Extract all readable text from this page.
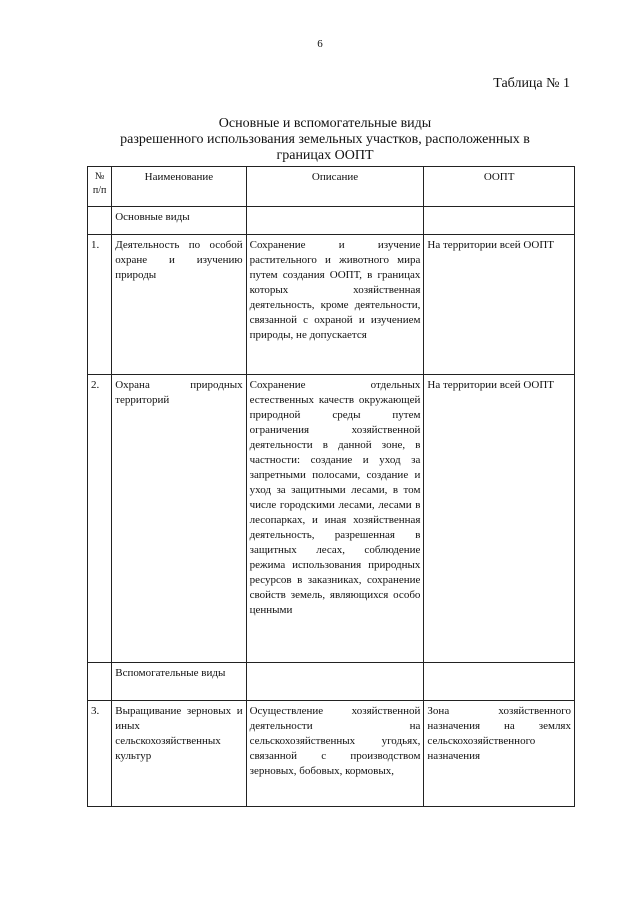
6
Таблица № 1
Основные и вспомогательные виды
разрешенного использования земельных участков, расположенных в
границах ООПТ
№ п/п	Наименование	Описание	ООПТ
	Основные виды		
1.	Деятельность по особой охране и изучению природы	Сохранение и изучение растительного и животного мира путем создания ООПТ, в границах которых хозяйственная деятельность, кроме деятельности, связанной с охраной и изучением природы, не допускается	На территории всей ООПТ
2.	Охрана природных территорий	Сохранение отдельных естественных качеств окружающей природной среды путем ограничения хозяйственной деятельности в данной зоне, в частности: создание и уход за запретными полосами, создание и уход за защитными лесами, в том числе городскими лесами, лесами в лесопарках, и иная хозяйственная деятельность, разрешенная в защитных лесах, соблюдение режима использования природных ресурсов в заказниках, сохранение свойств земель, являющихся особо ценными	На территории всей ООПТ
	Вспомогательные виды		
3.	Выращивание зерновых и иных сельскохозяйственных культур	Осуществление хозяйственной деятельности на сельскохозяйственных угодьях, связанной с производством зерновых, бобовых, кормовых,	Зона хозяйственного назначения на землях сельскохозяйственного назначения
